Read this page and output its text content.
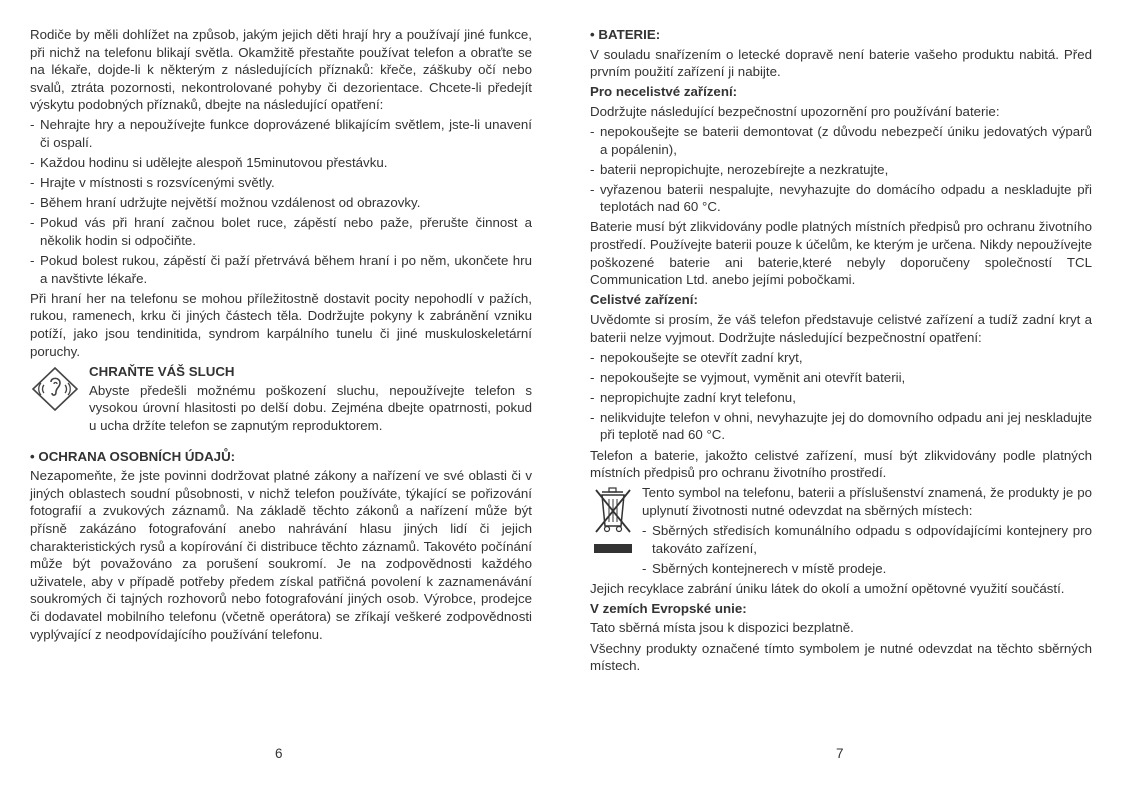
Rodiče by měli dohlížet na způsob, jakým jejich děti hrají hry a používají jiné funkce, při nichž na telefonu blikají světla. Okamžitě přestaňte používat telefon a obraťte se na lékaře, dojde-li k některým z následujících příznaků: křeče, záškuby očí nebo svalů, ztráta pozornosti, nekontrolované pohyby či dezorientace. Chcete-li předejít výskytu podobných příznaků, dbejte na následující opatření:

- Nehrajte hry a nepoužívejte funkce doprovázené blikajícím světlem, jste-li unavení či ospalí.
- Každou hodinu si udělejte alespoň 15minutovou přestávku.
- Hrajte v místnosti s rozsvícenými světly.
- Během hraní udržujte největší možnou vzdálenost od obrazovky.
- Pokud vás při hraní začnou bolet ruce, zápěstí nebo paže, přerušte činnost a několik hodin si odpočiňte.
- Pokud bolest rukou, zápěstí či paží přetrvává během hraní i po něm, ukončete hru a navštivte lékaře.

Při hraní her na telefonu se mohou příležitostně dostavit pocity nepohodlí v pažích, rukou, ramenech, krku či jiných částech těla. Dodržujte pokyny k zabránění vzniku potíží, jako jsou tendinitida, syndrom karpálního tunelu či jiné muskuloskeletární poruchy.

CHRAŇTE VÁŠ SLUCH

Abyste předešli možnému poškození sluchu, nepoužívejte telefon s vysokou úrovní hlasitosti po delší dobu. Zejména dbejte opatrnosti, pokud u ucha držíte telefon se zapnutým reproduktorem.

• OCHRANA OSOBNÍCH ÚDAJŮ:

Nezapomeňte, že jste povinni dodržovat platné zákony a nařízení ve své oblasti či v jiných oblastech soudní působnosti, v nichž telefon používáte, týkající se pořizování fotografií a zvukových záznamů. Na základě těchto zákonů a nařízení může být přísně zakázáno fotografování anebo nahrávání hlasu jiných lidí či jejich charakteristických rysů a kopírování či distribuce těchto záznamů. Takovéto počínání může být považováno za porušení soukromí. Je na zodpovědnosti každého uživatele, aby v případě potřeby předem získal patřičná povolení k zaznamenávání soukromých či tajných rozhovorů nebo fotografování jiných osob. Výrobce, prodejce či dodavatel mobilního telefonu (včetně operátora) se zříkají veškeré zodpovědnosti vyplývající z neodpovídajícího používání telefonu.

• BATERIE:

V souladu snařízením o letecké dopravě není baterie vašeho produktu nabitá. Před prvním použití zařízení ji nabijte.

Pro necelistvé zařízení:

Dodržujte následující bezpečnostní upozornění pro používání baterie:

- nepokoušejte se baterii demontovat (z důvodu nebezpečí úniku jedovatých výparů a popálenin),
- baterii nepropichujte, nerozebírejte a nezkratujte,
- vyřazenou baterii nespalujte, nevyhazujte do domácího odpadu a neskladujte při teplotách nad 60 °C.

Baterie musí být zlikvidovány podle platných místních předpisů pro ochranu životního prostředí. Používejte baterii pouze k účelům, ke kterým je určena. Nikdy nepoužívejte poškozené baterie ani baterie,které nebyly doporučeny společností TCL Communication Ltd. anebo jejími pobočkami.

Celistvé zařízení:

Uvědomte si prosím, že váš telefon představuje celistvé zařízení a tudíž zadní kryt a baterii nelze vyjmout. Dodržujte následující bezpečnostní opatření:

- nepokoušejte se otevřít zadní kryt,
- nepokoušejte se vyjmout, vyměnit ani otevřít baterii,
- nepropichujte zadní kryt telefonu,
- nelikvidujte telefon v ohni, nevyhazujte jej do domovního odpadu ani jej neskladujte při teplotě nad 60 °C.

Telefon a baterie, jakožto celistvé zařízení, musí být zlikvidovány podle platných místních předpisů pro ochranu životního prostředí.

Tento symbol na telefonu, baterii a příslušenství znamená, že produkty je po uplynutí životnosti nutné odevzdat na sběrných místech:

- Sběrných středisích komunálního odpadu s odpovídajícími kontejnery pro takováto zařízení,
- Sběrných kontejnerech v místě prodeje.

Jejich recyklace zabrání úniku látek do okolí a umožní opětovné využití součástí.

V zemích Evropské unie:

Tato sběrná místa jsou k dispozici bezplatně.

Všechny produkty označené tímto symbolem je nutné odevzdat na těchto sběrných místech.

6	7
